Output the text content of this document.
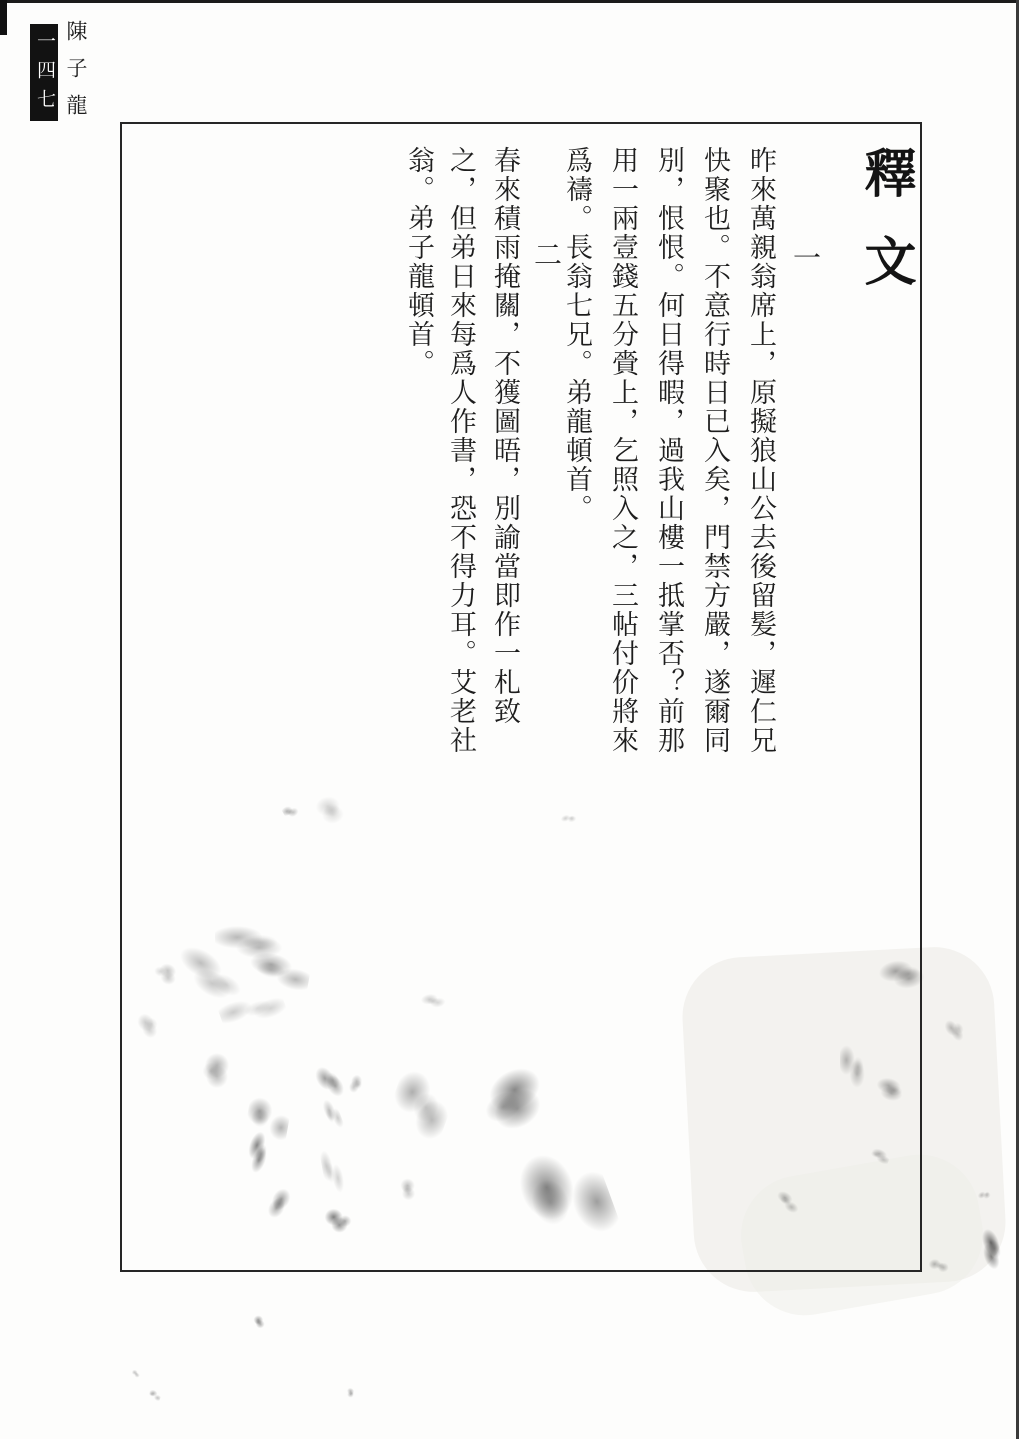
一四七 陳子龍
釋文
一
昨來萬親翁席上，原擬狼山公去後留髪，遲仁兄
快聚也。不意行時日已入矣，門禁方嚴，遂爾同
別，恨恨。何日得暇，過我山樓一抵掌否？前那
用一兩壹錢五分賫上，乞照入之，三帖付价將來
爲禱。長翁七兄。弟龍頓首。
二
春來積雨掩關，不獲圖晤，別諭當即作一札致
之，但弟日來每爲人作書，恐不得力耳。艾老社
翁。弟子龍頓首。
